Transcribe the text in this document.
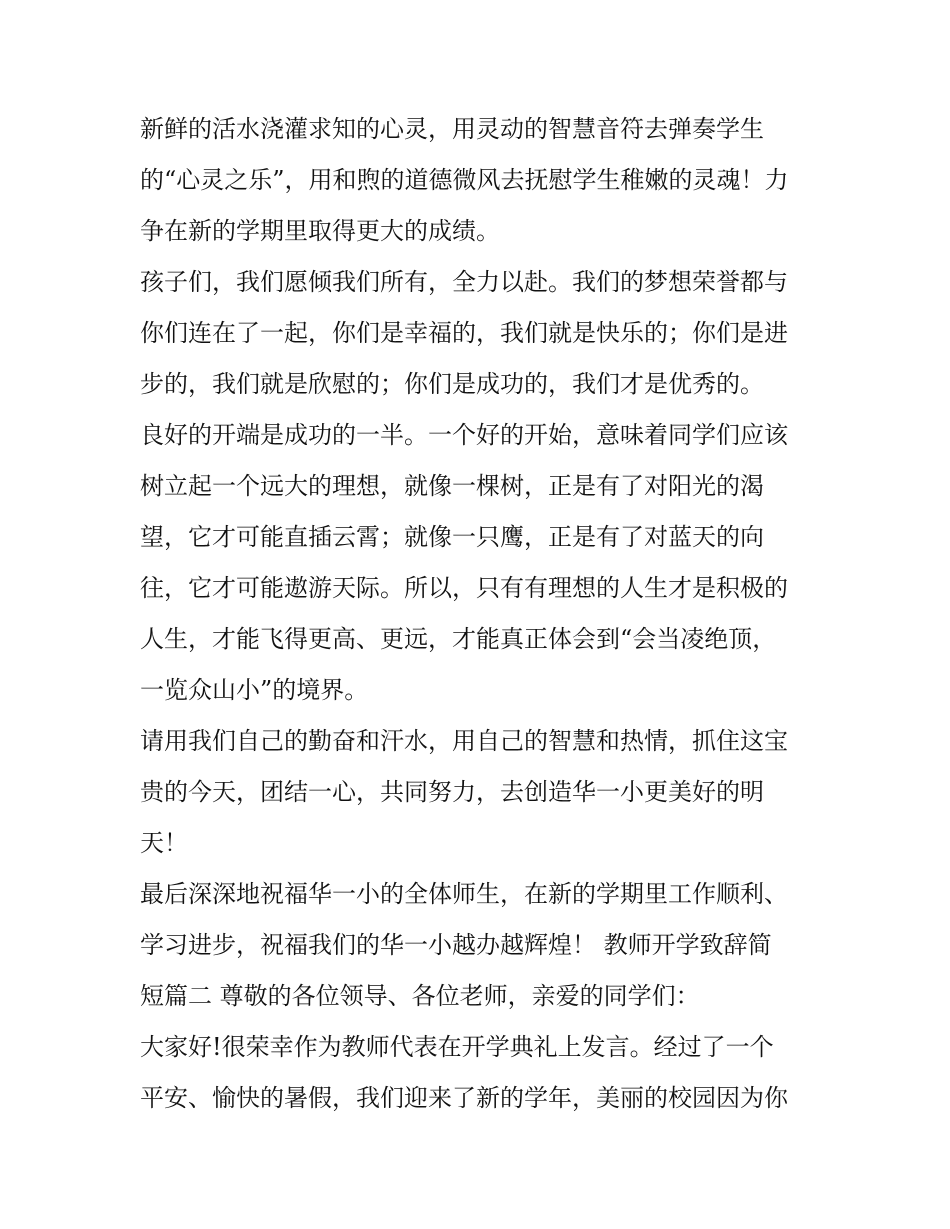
新鲜的活水浇灌求知的心灵，用灵动的智慧音符去弹奏学生
的“心灵之乐”，用和煦的道德微风去抚慰学生稚嫩的灵魂！力
争在新的学期里取得更大的成绩。
孩子们，我们愿倾我们所有，全力以赴。我们的梦想荣誉都与
你们连在了一起，你们是幸福的，我们就是快乐的；你们是进
步的，我们就是欣慰的；你们是成功的，我们才是优秀的。
良好的开端是成功的一半。一个好的开始，意味着同学们应该
树立起一个远大的理想，就像一棵树，正是有了对阳光的渴
望，它才可能直插云霄；就像一只鹰，正是有了对蓝天的向
往，它才可能遨游天际。所以，只有有理想的人生才是积极的
人生，才能飞得更高、更远，才能真正体会到“会当凌绝顶，
一览众山小”的境界。
请用我们自己的勤奋和汗水，用自己的智慧和热情，抓住这宝
贵的今天，团结一心，共同努力，去创造华一小更美好的明
天！
最后深深地祝福华一小的全体师生，在新的学期里工作顺利、
学习进步，祝福我们的华一小越办越辉煌！ 教师开学致辞简
短篇二 尊敬的各位领导、各位老师，亲爱的同学们：
大家好!很荣幸作为教师代表在开学典礼上发言。经过了一个
平安、愉快的暑假，我们迎来了新的学年，美丽的校园因为你
